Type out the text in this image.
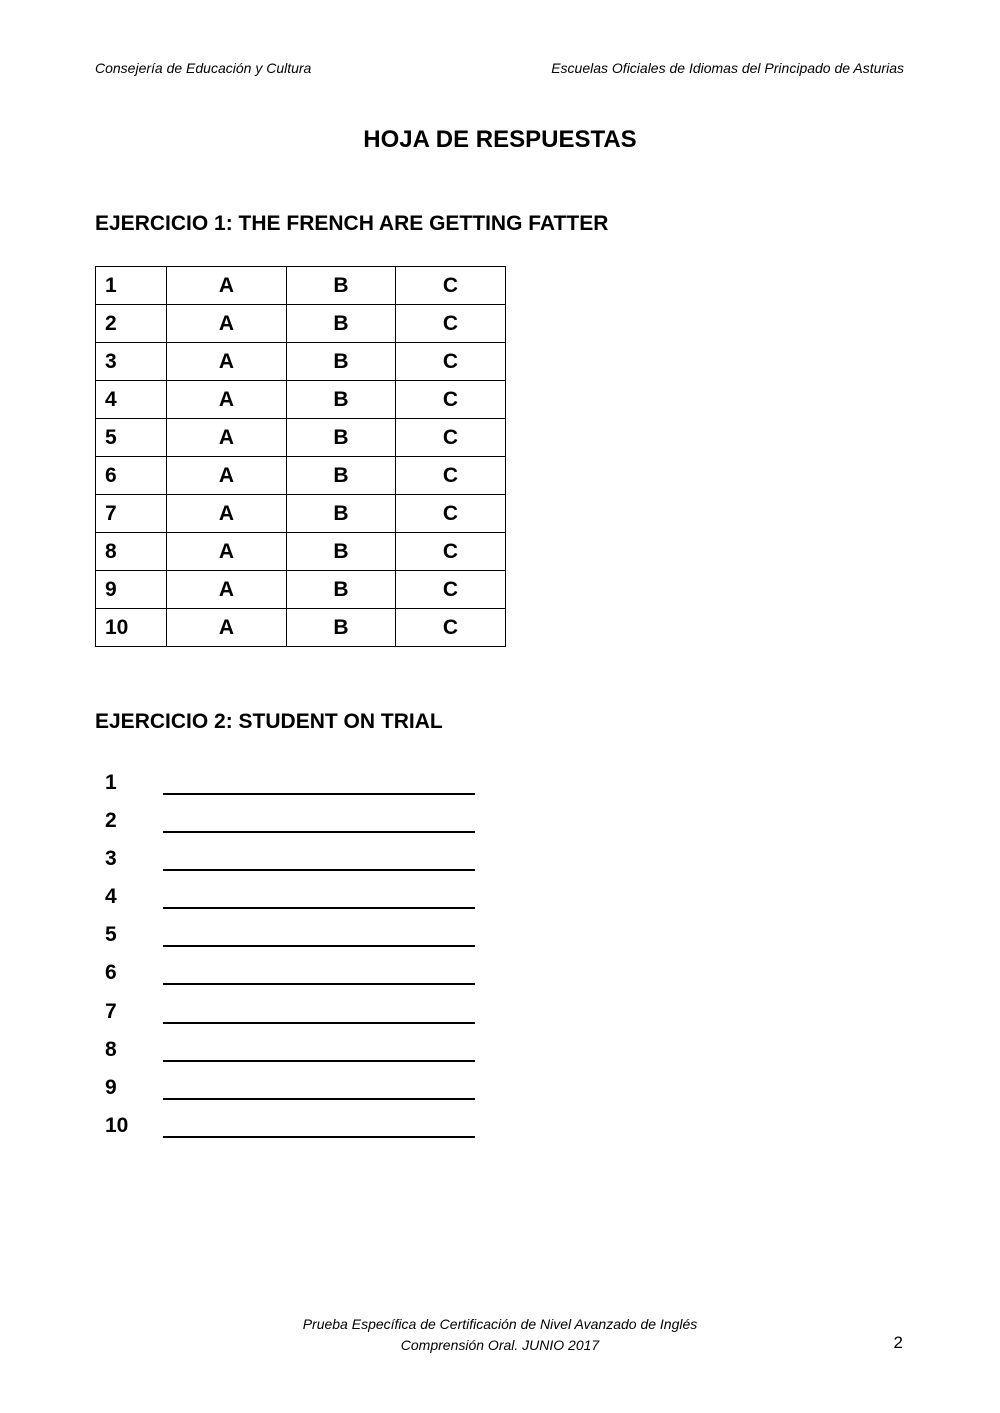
Consejería de Educación y Cultura	Escuelas Oficiales de Idiomas del Principado de Asturias
HOJA DE RESPUESTAS
EJERCICIO 1: THE FRENCH ARE GETTING FATTER
1	A	B	C
2	A	B	C
3	A	B	C
4	A	B	C
5	A	B	C
6	A	B	C
7	A	B	C
8	A	B	C
9	A	B	C
10	A	B	C
EJERCICIO 2: STUDENT ON TRIAL
1
2
3
4
5
6
7
8
9
10
Prueba Específica de Certificación de Nivel Avanzado de Inglés
Comprensión Oral. JUNIO 2017	2
